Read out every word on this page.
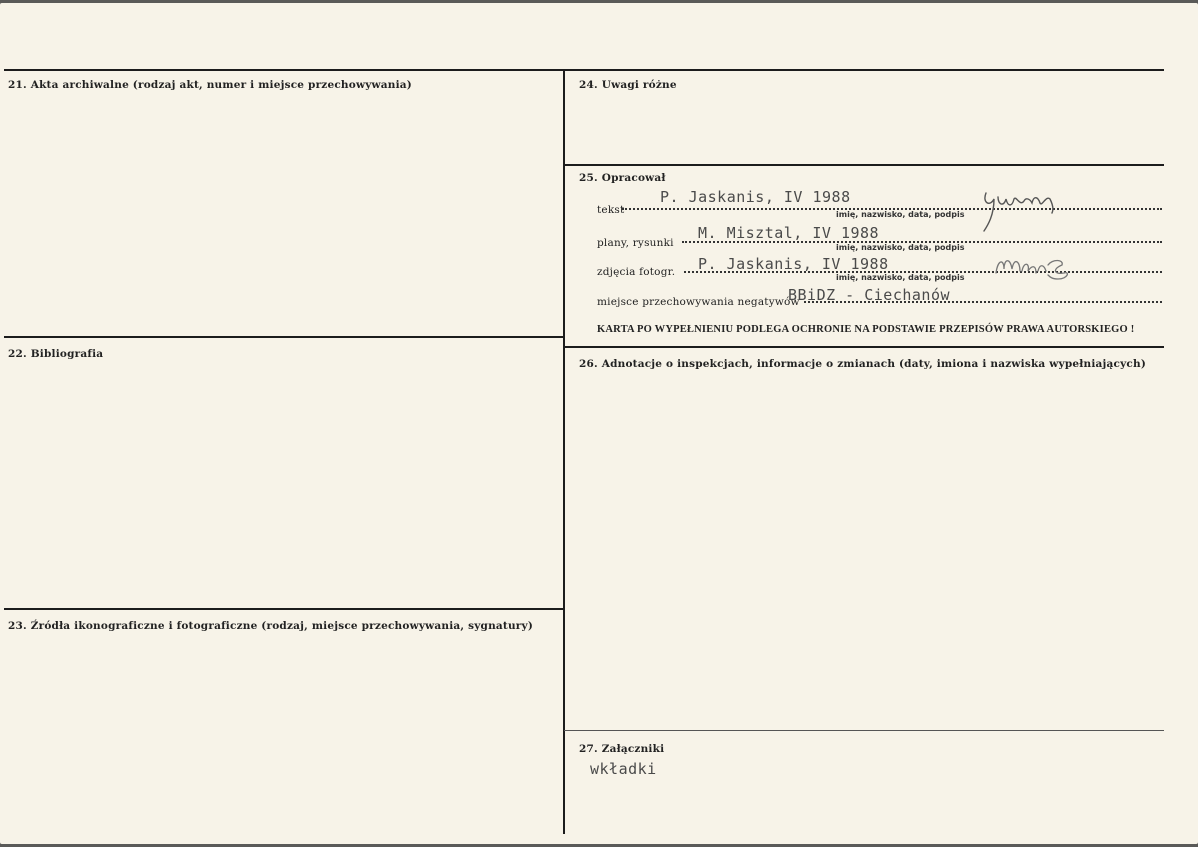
21. Akta archiwalne (rodzaj akt, numer i miejsce przechowywania)
22. Bibliografia
23. Źródła ikonograficzne i fotograficzne (rodzaj, miejsce przechowywania, sygnatury)
24. Uwagi różne
25. Opracował
26. Adnotacje o inspekcjach, informacje o zmianach (daty, imiona i nazwiska wypełniających)
27. Załączniki
tekst
P. Jaskanis, IV 1988
imię, nazwisko, data, podpis
plany, rysunki
M. Misztal, IV 1988
imię, nazwisko, data, podpis
zdjęcia fotogr. P. Jaskanis, IV 1988
imię, nazwisko, data, podpis
miejsce przechowywania negatywów
BBiDZ - Ciechanów
KARTA PO WYPEŁNIENIU PODLEGA OCHRONIE NA PODSTAWIE PRZEPISÓW PRAWA AUTORSKIEGO !
wkładki
